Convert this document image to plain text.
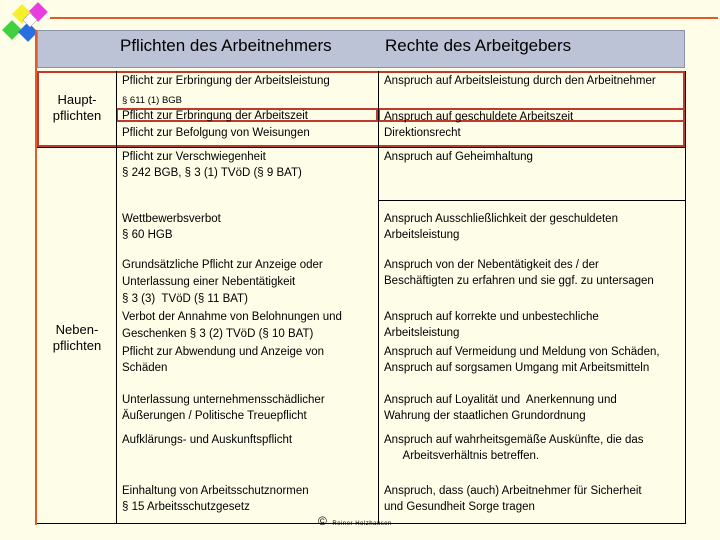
Pflichten des Arbeitnehmers	Rechte des Arbeitgebers
Haupt-
pflichten
Neben-
pflichten
Pflicht zur Erbringung der Arbeitsleistung
§ 611 (1) BGB
Pflicht zur Erbringung der Arbeitszeit
Pflicht zur Befolgung von Weisungen
Pflicht zur Verschwiegenheit
§ 242 BGB, § 3 (1) TVöD (§ 9 BAT)
Wettbewerbsverbot
§ 60 HGB
Grundsätzliche Pflicht zur Anzeige oder
Unterlassung einer Nebentätigkeit
§ 3 (3)  TVöD (§ 11 BAT)
Verbot der Annahme von Belohnungen und
Geschenken § 3 (2) TVöD (§ 10 BAT)
Pflicht zur Abwendung und Anzeige von
Schäden
Unterlassung unternehmensschädlicher
Äußerungen / Politische Treuepflicht
Aufklärungs- und Auskunftspflicht
Einhaltung von Arbeitsschutznormen
§ 15 Arbeitsschutzgesetz
Anspruch auf Arbeitsleistung durch den Arbeitnehmer
Anspruch auf geschuldete Arbeitszeit
Direktionsrecht
Anspruch auf Geheimhaltung
Anspruch Ausschließlichkeit der geschuldeten
Arbeitsleistung
Anspruch von der Nebentätigkeit des / der
Beschäftigten zu erfahren und sie ggf. zu untersagen
Anspruch auf korrekte und unbestechliche
Arbeitsleistung
Anspruch auf Vermeidung und Meldung von Schäden,
Anspruch auf sorgsamen Umgang mit Arbeitsmitteln
Anspruch auf Loyalität und  Anerkennung und
Wahrung der staatlichen Grundordnung
Anspruch auf wahrheitsgemäße Auskünfte, die das
Arbeitsverhältnis betreffen.
Anspruch, dass (auch) Arbeitnehmer für Sicherheit
und Gesundheit Sorge tragen
© Reiner Holzhausen
